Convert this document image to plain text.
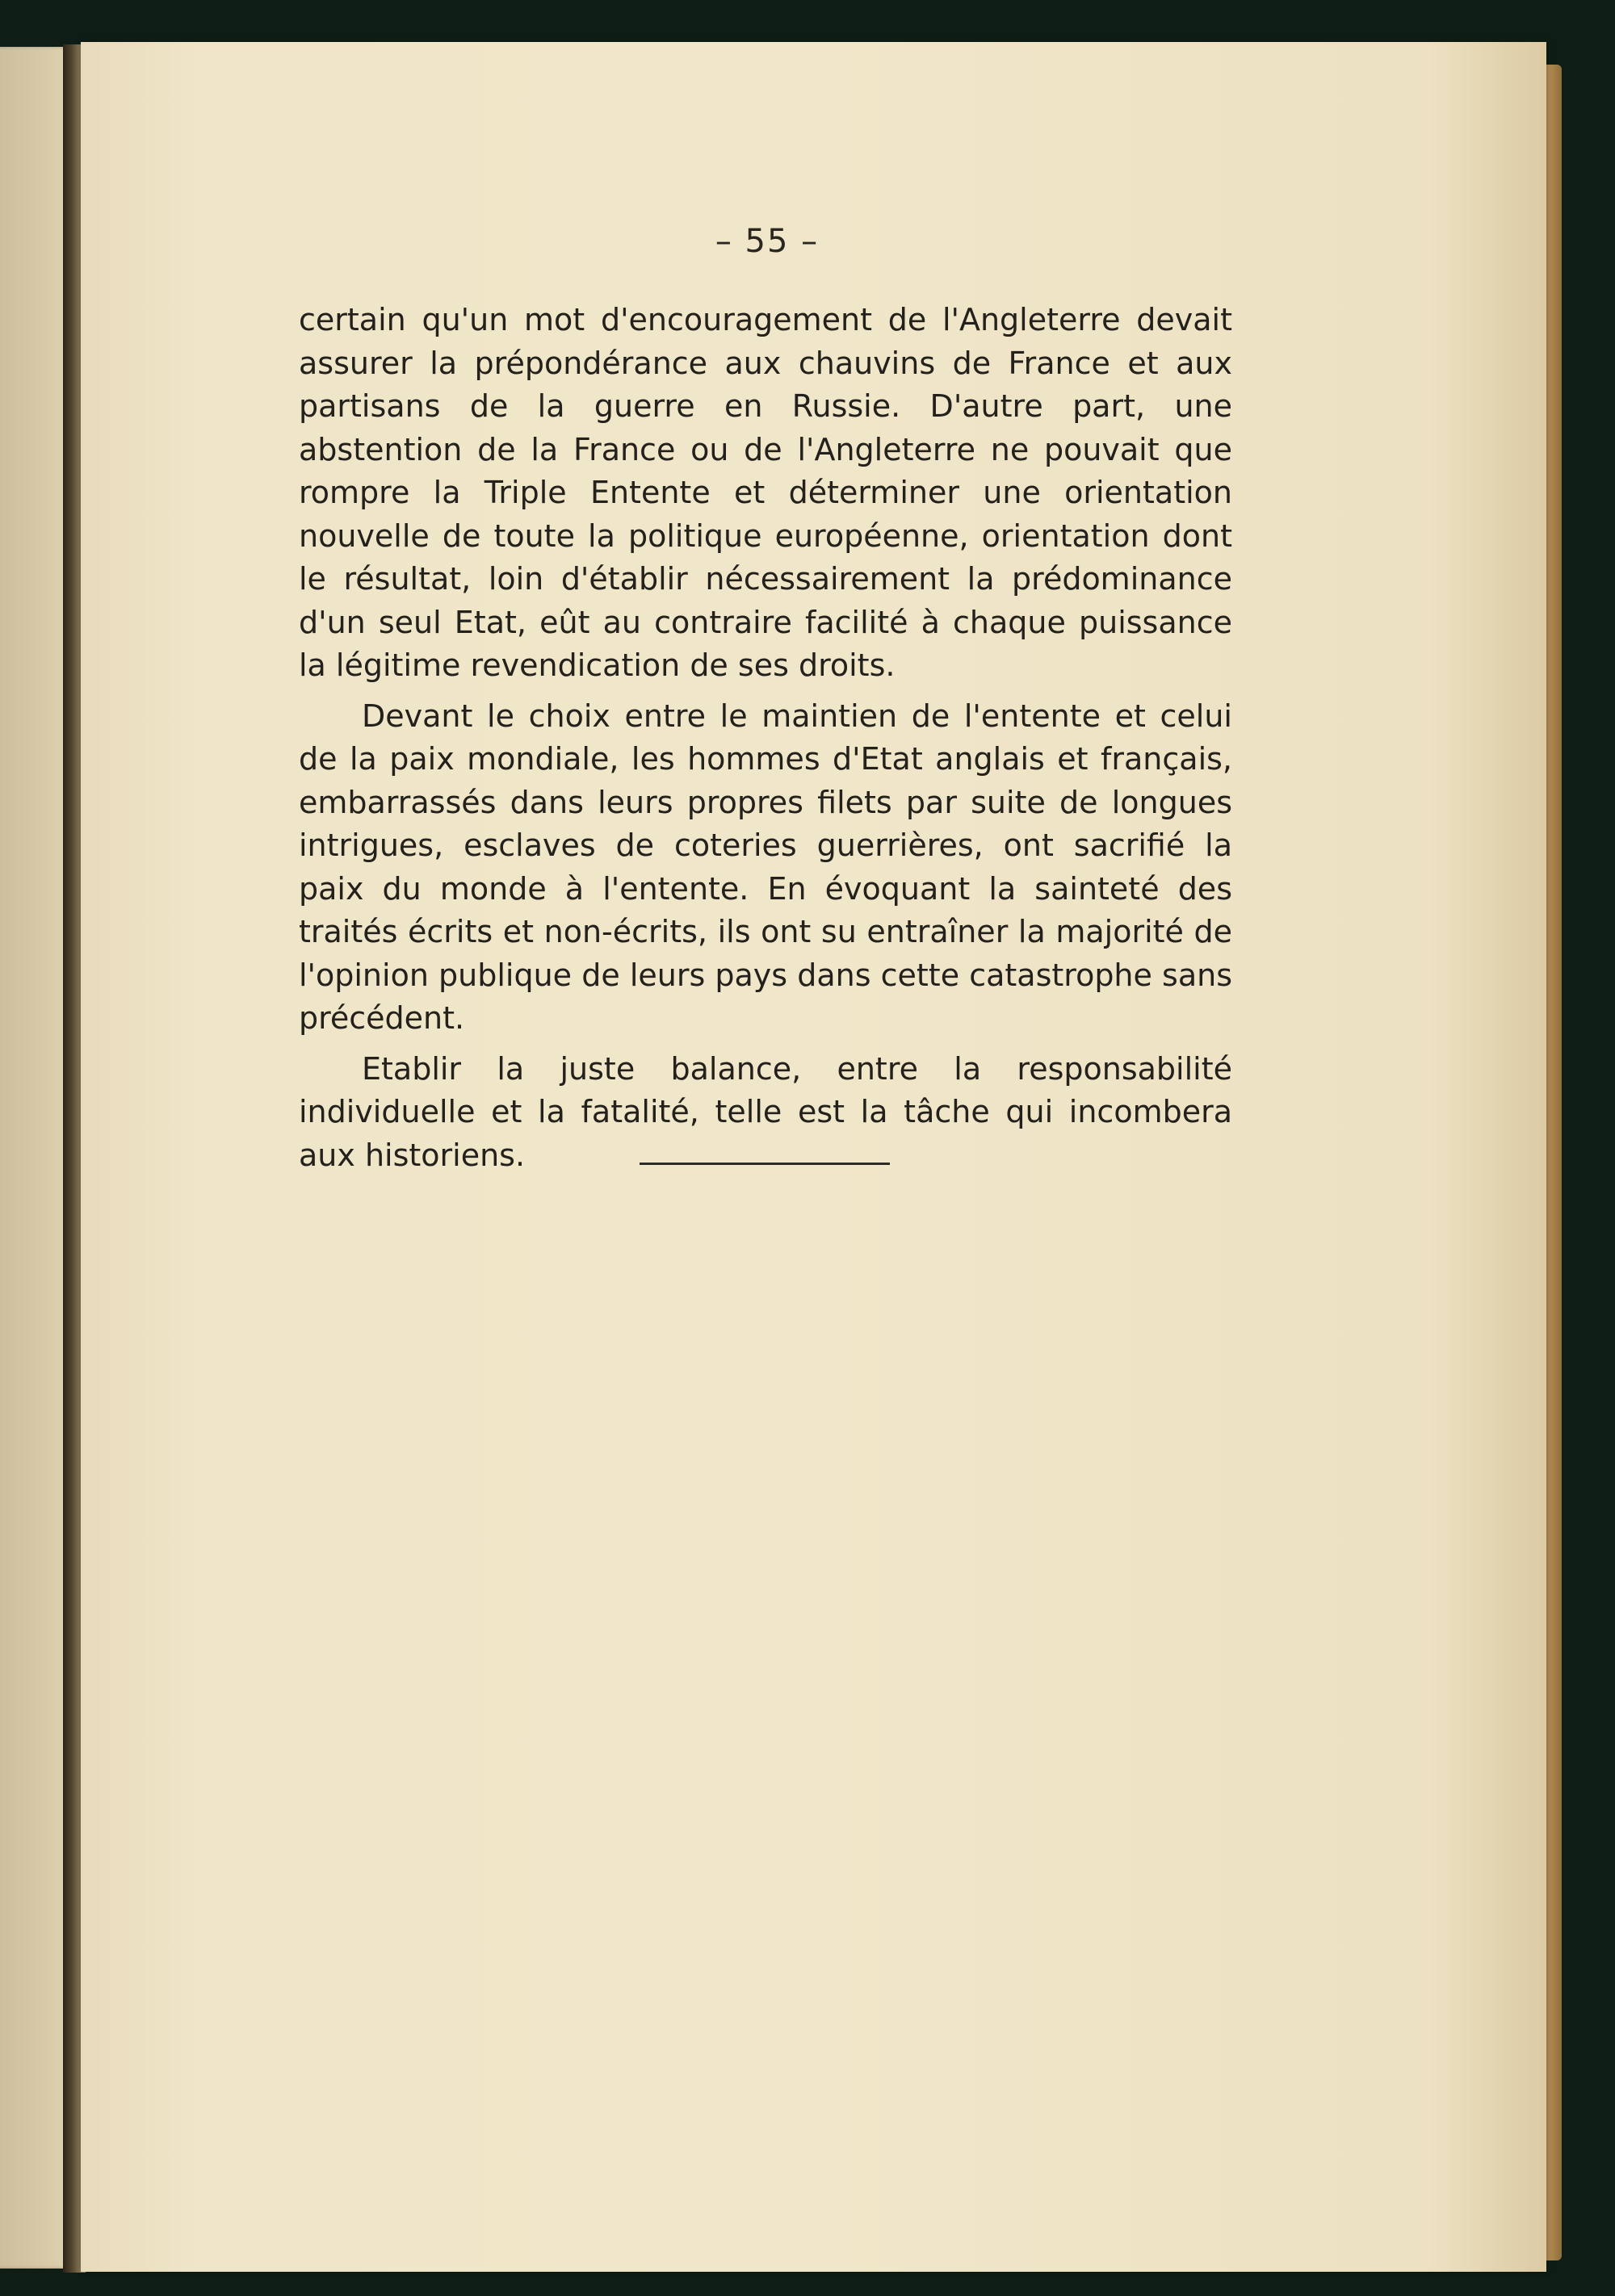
– 55 –

certain qu'un mot d'encouragement de l'Angleterre devait assurer la prépondérance aux chauvins de France et aux partisans de la guerre en Russie. D'autre part, une abstention de la France ou de l'Angleterre ne pouvait que rompre la Triple Entente et déterminer une orientation nouvelle de toute la politique européenne, orientation dont le résultat, loin d'établir nécessairement la prédominance d'un seul Etat, eût au contraire facilité à chaque puissance la légitime revendication de ses droits.

Devant le choix entre le maintien de l'entente et celui de la paix mondiale, les hommes d'Etat anglais et français, embarrassés dans leurs propres filets par suite de longues intrigues, esclaves de coteries guerrières, ont sacrifié la paix du monde à l'entente. En évoquant la sainteté des traités écrits et non-écrits, ils ont su entraîner la majorité de l'opinion publique de leurs pays dans cette catastrophe sans précédent.

Etablir la juste balance, entre la responsabilité individuelle et la fatalité, telle est la tâche qui incombera aux historiens.
